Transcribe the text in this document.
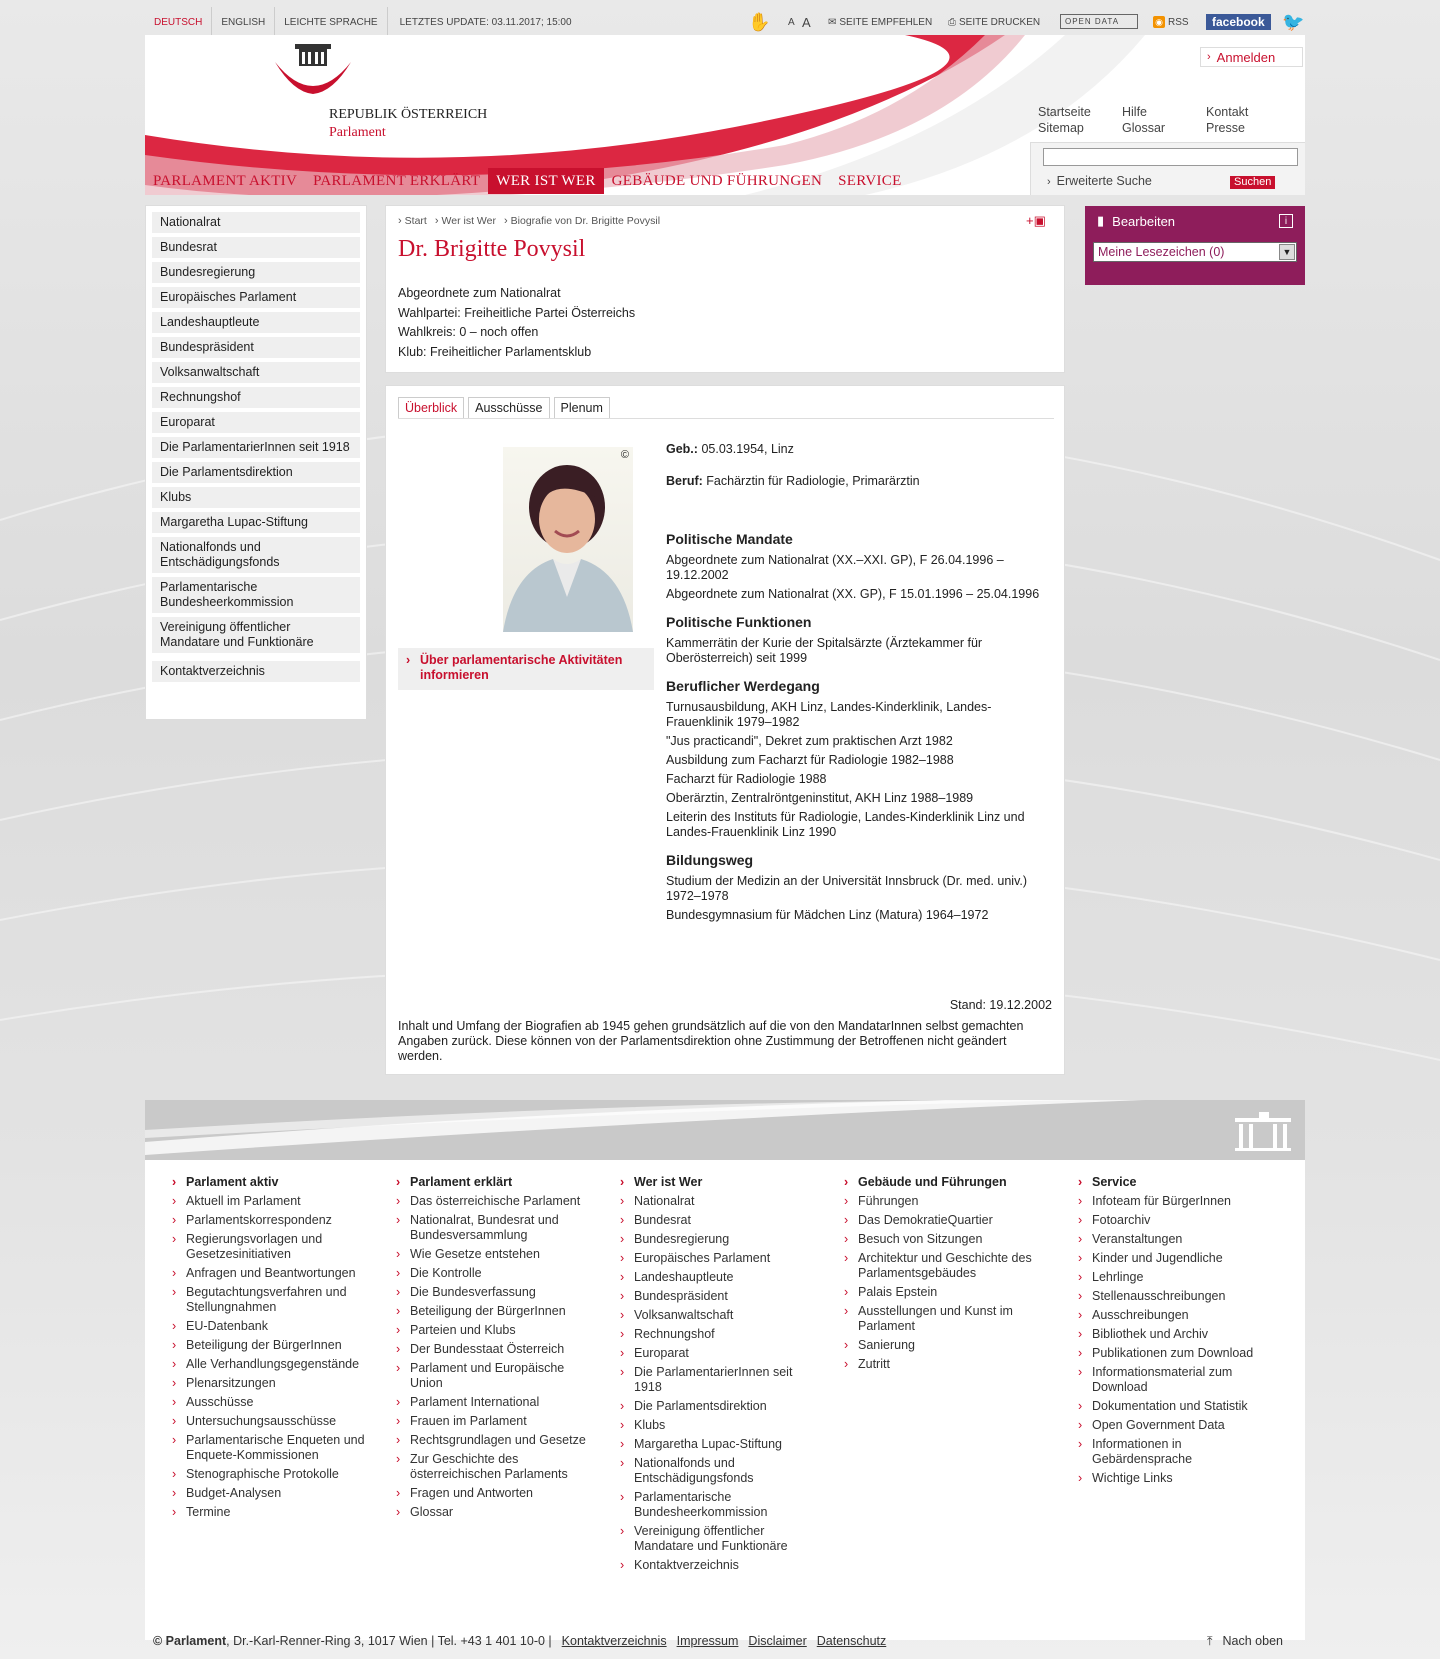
DEUTSCH	ENGLISH	LEICHTE SPRACHE	LETZTES UPDATE: 03.11.2017; 15:00	✋ A A ✉ SEITE EMPFEHLEN ⎙ SEITE DRUCKEN	OPEN DATA	◉ RSS	facebook 🐦
REPUBLIK ÖSTERREICH
Parlament
› Anmelden
Startseite	Hilfe	Kontakt
Sitemap	Glossar	Presse
› Erweiterte Suche	Suchen
PARLAMENT AKTIV	PARLAMENT ERKLÄRT	WER IST WER	GEBÄUDE UND FÜHRUNGEN	SERVICE
Nationalrat
Bundesrat
Bundesregierung
Europäisches Parlament
Landeshauptleute
Bundespräsident
Volksanwaltschaft
Rechnungshof
Europarat
Die ParlamentarierInnen seit 1918
Die Parlamentsdirektion
Klubs
Margaretha Lupac-Stiftung
Nationalfonds und Entschädigungsfonds
Parlamentarische Bundesheerkommission
Vereinigung öffentlicher Mandatare und Funktionäre
Kontaktverzeichnis
› Start › Wer ist Wer › Biografie von Dr. Brigitte Povysil	+▣
Dr. Brigitte Povysil
Abgeordnete zum Nationalrat
Wahlpartei: Freiheitliche Partei Österreichs
Wahlkreis: 0 – noch offen
Klub: Freiheitlicher Parlamentsklub
Überblick Ausschüsse Plenum
©
› Über parlamentarische Aktivitäten informieren
Geb.: 05.03.1954, Linz
Beruf: Fachärztin für Radiologie, Primarärztin
Politische Mandate
Abgeordnete zum Nationalrat (XX.–XXI. GP), F 26.04.1996 – 19.12.2002
Abgeordnete zum Nationalrat (XX. GP), F 15.01.1996 – 25.04.1996
Politische Funktionen
Kammerrätin der Kurie der Spitalsärzte (Ärztekammer für Oberösterreich) seit 1999
Beruflicher Werdegang
Turnusausbildung, AKH Linz, Landes-Kinderklinik, Landes-Frauenklinik 1979–1982
"Jus practicandi", Dekret zum praktischen Arzt 1982
Ausbildung zum Facharzt für Radiologie 1982–1988
Facharzt für Radiologie 1988
Oberärztin, Zentralröntgeninstitut, AKH Linz 1988–1989
Leiterin des Instituts für Radiologie, Landes-Kinderklinik Linz und Landes-Frauenklinik Linz 1990
Bildungsweg
Studium der Medizin an der Universität Innsbruck (Dr. med. univ.) 1972–1978
Bundesgymnasium für Mädchen Linz (Matura) 1964–1972
Stand: 19.12.2002
Inhalt und Umfang der Biografien ab 1945 gehen grundsätzlich auf die von den MandatarInnen selbst gemachten Angaben zurück. Diese können von der Parlamentsdirektion ohne Zustimmung der Betroffenen nicht geändert werden.
▮ Bearbeiten	i
Meine Lesezeichen (0)	▼
› Parlament aktiv
› Aktuell im Parlament
› Parlamentskorrespondenz
› Regierungsvorlagen und Gesetzesinitiativen
› Anfragen und Beantwortungen
› Begutachtungsverfahren und Stellungnahmen
› EU-Datenbank
› Beteiligung der BürgerInnen
› Alle Verhandlungsgegenstände
› Plenarsitzungen
› Ausschüsse
› Untersuchungsausschüsse
› Parlamentarische Enqueten und Enquete-Kommissionen
› Stenographische Protokolle
› Budget-Analysen
› Termine
› Parlament erklärt
› Das österreichische Parlament
› Nationalrat, Bundesrat und Bundesversammlung
› Wie Gesetze entstehen
› Die Kontrolle
› Die Bundesverfassung
› Beteiligung der BürgerInnen
› Parteien und Klubs
› Der Bundesstaat Österreich
› Parlament und Europäische Union
› Parlament International
› Frauen im Parlament
› Rechtsgrundlagen und Gesetze
› Zur Geschichte des österreichischen Parlaments
› Fragen und Antworten
› Glossar
› Wer ist Wer
› Nationalrat
› Bundesrat
› Bundesregierung
› Europäisches Parlament
› Landeshauptleute
› Bundespräsident
› Volksanwaltschaft
› Rechnungshof
› Europarat
› Die ParlamentarierInnen seit 1918
› Die Parlamentsdirektion
› Klubs
› Margaretha Lupac-Stiftung
› Nationalfonds und Entschädigungsfonds
› Parlamentarische Bundesheerkommission
› Vereinigung öffentlicher Mandatare und Funktionäre
› Kontaktverzeichnis
› Gebäude und Führungen
› Führungen
› Das DemokratieQuartier
› Besuch von Sitzungen
› Architektur und Geschichte des Parlamentsgebäudes
› Palais Epstein
› Ausstellungen und Kunst im Parlament
› Sanierung
› Zutritt
› Service
› Infoteam für BürgerInnen
› Fotoarchiv
› Veranstaltungen
› Kinder und Jugendliche
› Lehrlinge
› Stellenausschreibungen
› Ausschreibungen
› Bibliothek und Archiv
› Publikationen zum Download
› Informationsmaterial zum Download
› Dokumentation und Statistik
› Open Government Data
› Informationen in Gebärdensprache
› Wichtige Links
© Parlament, Dr.-Karl-Renner-Ring 3, 1017 Wien | Tel. +43 1 401 10-0 | Kontaktverzeichnis Impressum Disclaimer Datenschutz	⤒ Nach oben
